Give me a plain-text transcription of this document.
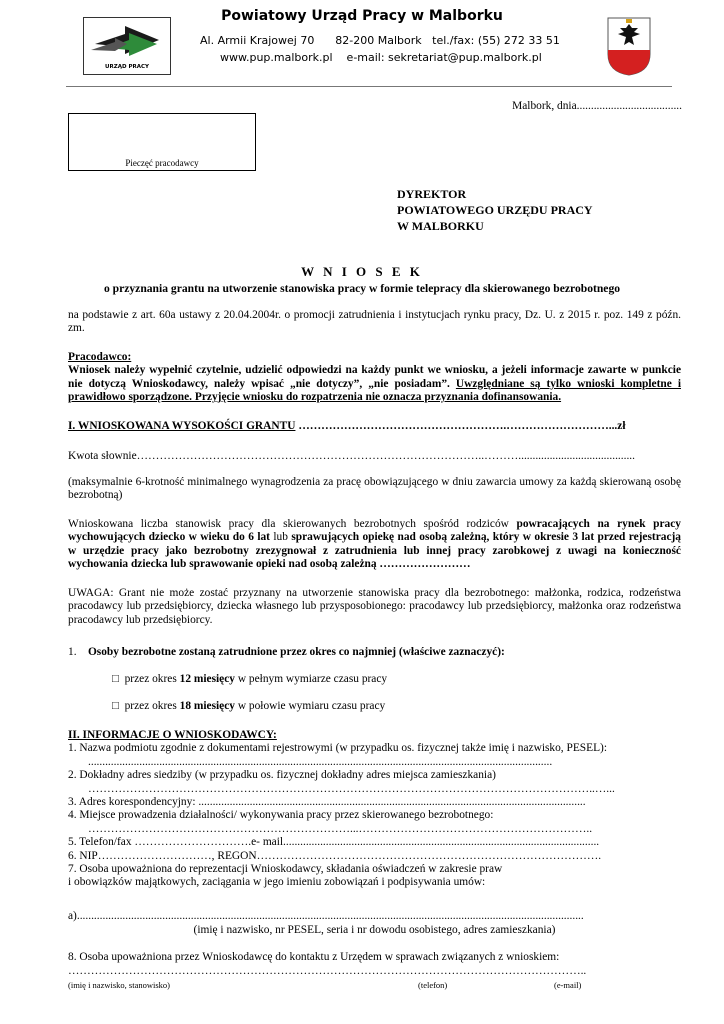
URZĄD PRACY
Powiatowy Urząd Pracy w Malborku
Al. Armii Krajowej 70      82-200 Malbork   tel./fax: (55) 272 33 51
www.pup.malbork.pl    e-mail: sekretariat@pup.malbork.pl
Malbork, dnia.....................................
Pieczęć pracodawcy
DYREKTOR
POWIATOWEGO URZĘDU PRACY
W MALBORKU
W N I O S E K
o przyznania grantu na utworzenie stanowiska pracy w formie telepracy dla skierowanego bezrobotnego
na podstawie z art. 60a ustawy z 20.04.2004r. o promocji zatrudnienia i instytucjach rynku pracy, Dz. U. z 2015 r. poz. 149 z późn. zm.
Pracodawco:
Wniosek należy wypełnić czytelnie, udzielić odpowiedzi na każdy punkt we wniosku, a jeżeli informacje zawarte w punkcie nie dotyczą Wnioskodawcy, należy wpisać „nie dotyczy”, „nie posiadam”. Uwzględniane są tylko wnioski kompletne i prawidłowo sporządzone. Przyjęcie wniosku do rozpatrzenia nie oznacza przyznania dofinansowania.
I. WNIOSKOWANA WYSOKOŚCI GRANTU ……………………………………………….………………………...zł
Kwota słownie………………………………………………………………………………..……….........................................
(maksymalnie 6-krotność minimalnego wynagrodzenia za pracę obowiązującego w dniu zawarcia umowy za każdą skierowaną osobę bezrobotną)
Wnioskowana liczba stanowisk pracy dla skierowanych bezrobotnych spośród rodziców powracających na rynek pracy wychowujących dziecko w wieku do 6 lat lub sprawujących opiekę nad osobą zależną, który w okresie 3 lat przed rejestracją w urzędzie pracy jako bezrobotny zrezygnował z zatrudnienia lub innej pracy zarobkowej z uwagi na konieczność wychowania dziecka lub sprawowanie opieki nad osobą zależną ……………………
UWAGA: Grant nie może zostać przyznany na utworzenie stanowiska pracy dla bezrobotnego: małżonka, rodzica, rodzeństwa pracodawcy lub przedsiębiorcy, dziecka własnego lub przysposobionego: pracodawcy lub przedsiębiorcy, małżonka oraz rodzeństwa pracodawcy lub przedsiębiorcy.
1. Osoby bezrobotne zostaną zatrudnione przez okres co najmniej (właściwe zaznaczyć):
□ przez okres 12 miesięcy w pełnym wymiarze czasu pracy
□ przez okres 18 miesięcy w połowie wymiaru czasu pracy
II. INFORMACJE O WNIOSKODAWCY:
1. Nazwa podmiotu zgodnie z dokumentami rejestrowymi (w przypadku os. fizycznej także imię i nazwisko, PESEL):
...................................................................................................................................................................
2. Dokładny adres siedziby (w przypadku os. fizycznej dokładny adres miejsca zamieszkania)
……………………………………………………………………………………………………………………..…...
3. Adres korespondencyjny: ........................................................................................................................................
4. Miejsce prowadzenia działalności/ wykonywania pracy przez skierowanego bezrobotnego:
……………………………………………………………...……………………………………………………..
5. Telefon/fax ………………………….e- mail...............................................................................................................
6. NIP…………………………, REGON……………………………………………………………………………….
7. Osoba upoważniona do reprezentacji Wnioskodawcy, składania oświadczeń w zakresie praw
i obowiązków majątkowych, zaciągania w jego imieniu zobowiązań i podpisywania umów:
a)..................................................................................................................................................................................
(imię i nazwisko, nr PESEL, seria i nr dowodu osobistego, adres zamieszkania)
8. Osoba upoważniona przez Wnioskodawcę do kontaktu z Urzędem w sprawach związanych z wnioskiem:
………………………………………………………………………………………………………………………..
(imię i nazwisko, stanowisko)	(telefon)	(e-mail)
